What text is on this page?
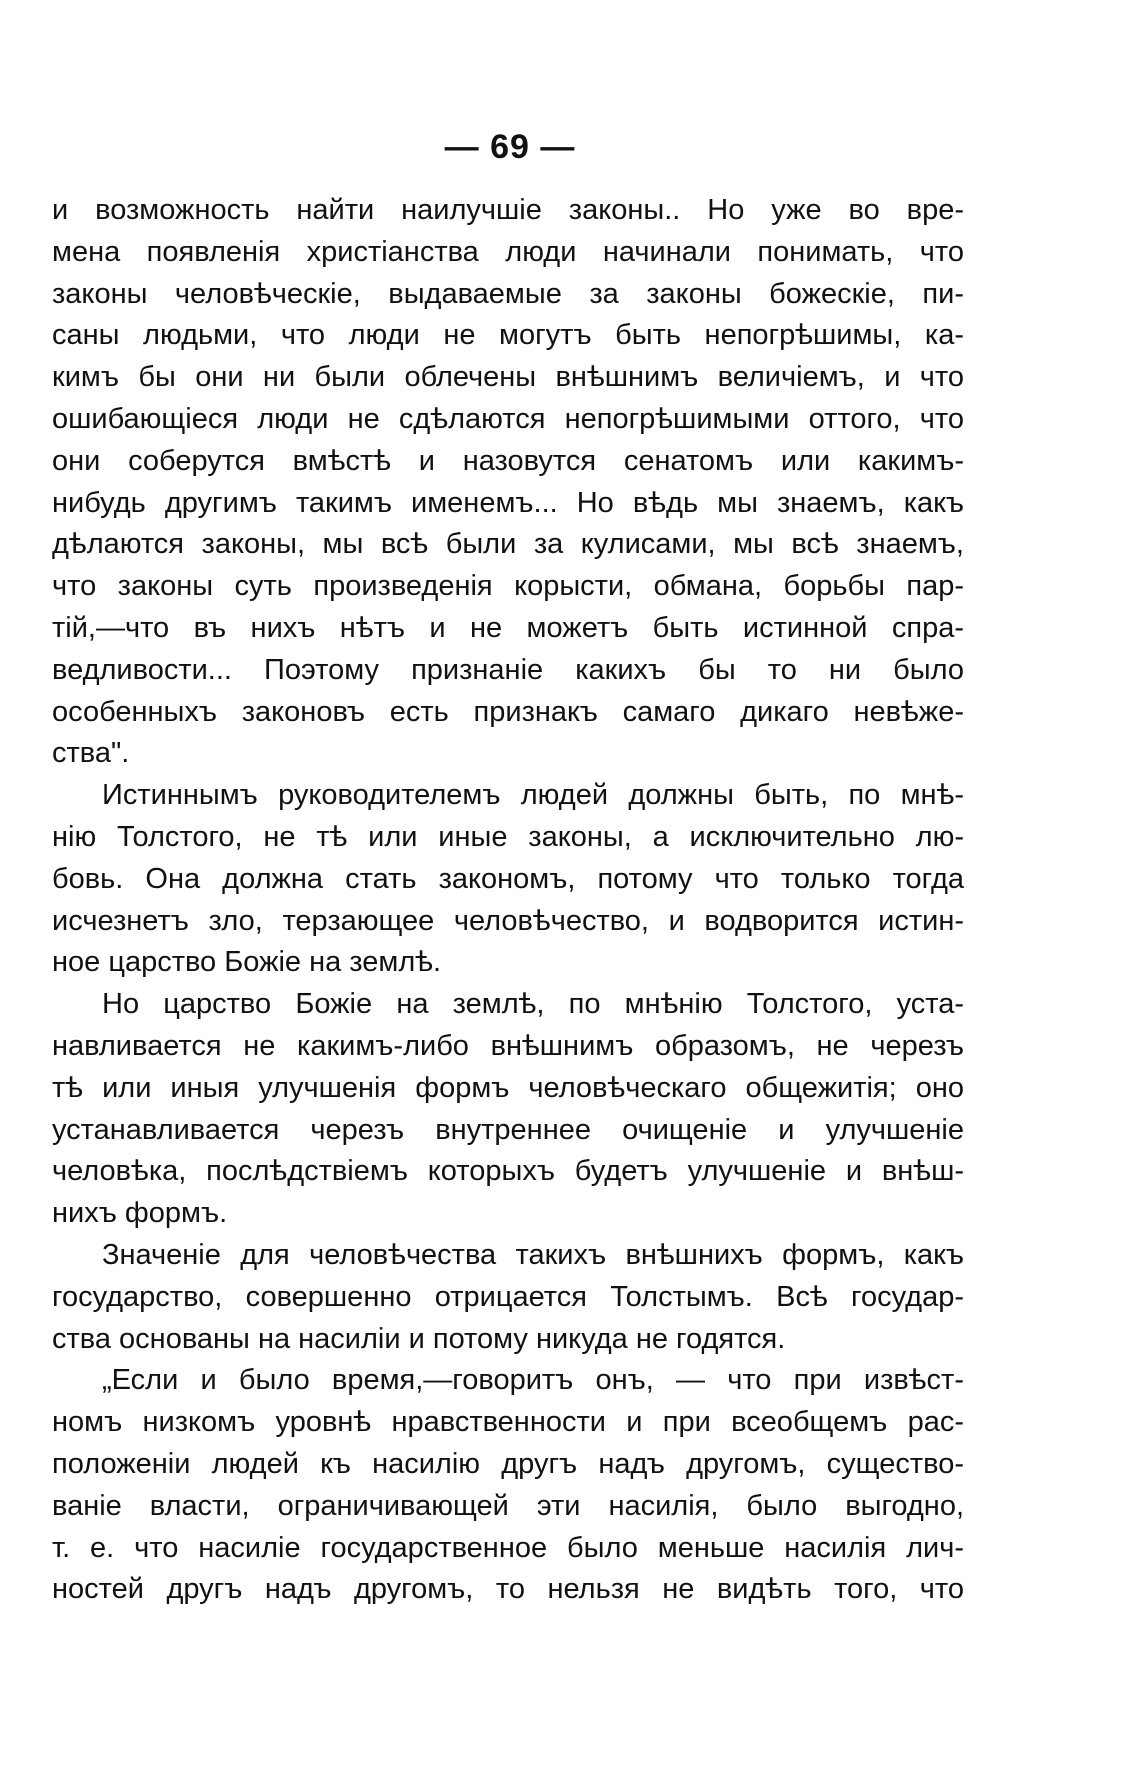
— 69 —
и возможность найти наилучшіе законы.. Но уже во вре-
мена появленія христіанства люди начинали понимать, что
законы человѣческіе, выдаваемые за законы божескіе, пи-
саны людьми, что люди не могутъ быть непогрѣшимы, ка-
кимъ бы они ни были облечены внѣшнимъ величіемъ, и что
ошибающіеся люди не сдѣлаются непогрѣшимыми оттого, что
они соберутся вмѣстѣ и назовутся сенатомъ или какимъ-
нибудь другимъ такимъ именемъ... Но вѣдь мы знаемъ, какъ
дѣлаются законы, мы всѣ были за кулисами, мы всѣ знаемъ,
что законы суть произведенія корысти, обмана, борьбы пар-
тій,—что въ нихъ нѣтъ и не можетъ быть истинной спра-
ведливости... Поэтому признаніе какихъ бы то ни было
особенныхъ законовъ есть признакъ самаго дикаго невѣже-
ства".
Истиннымъ руководителемъ людей должны быть, по мнѣ-
нію Толстого, не тѣ или иные законы, а исключительно лю-
бовь. Она должна стать закономъ, потому что только тогда
исчезнетъ зло, терзающее человѣчество, и водворится истин-
ное царство Божіе на землѣ.
Но царство Божіе на землѣ, по мнѣнію Толстого, уста-
навливается не какимъ-либо внѣшнимъ образомъ, не черезъ
тѣ или иныя улучшенія формъ человѣческаго общежитія; оно
устанавливается черезъ внутреннее очищеніе и улучшеніе
человѣка, послѣдствіемъ которыхъ будетъ улучшеніе и внѣш-
нихъ формъ.
Значеніе для человѣчества такихъ внѣшнихъ формъ, какъ
государство, совершенно отрицается Толстымъ. Всѣ государ-
ства основаны на насиліи и потому никуда не годятся.
„Если и было время,—говоритъ онъ, — что при извѣст-
номъ низкомъ уровнѣ нравственности и при всеобщемъ рас-
положеніи людей къ насилію другъ надъ другомъ, существо-
ваніе власти, ограничивающей эти насилія, было выгодно,
т. е. что насиліе государственное было меньше насилія лич-
ностей другъ надъ другомъ, то нельзя не видѣть того, что
